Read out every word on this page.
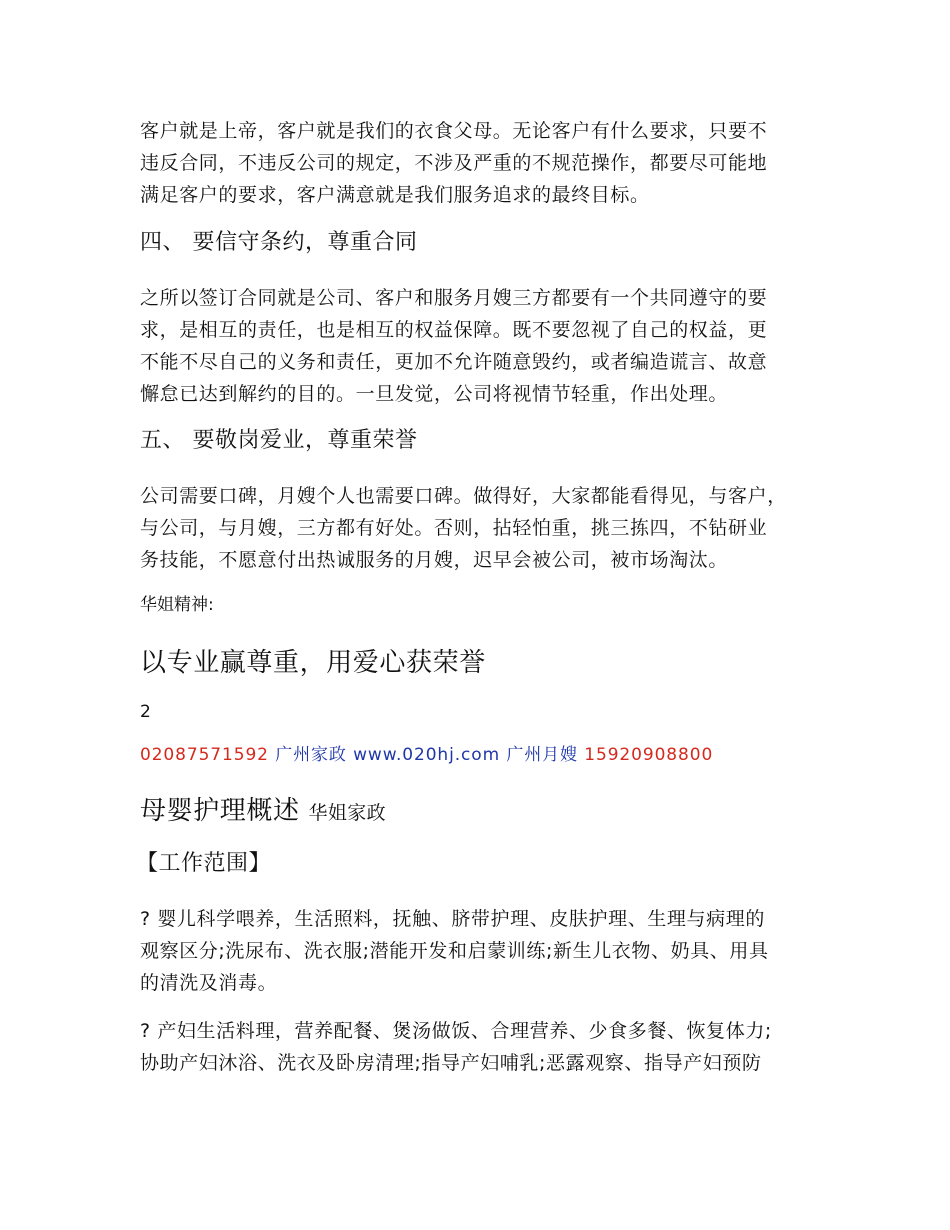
客户就是上帝，客户就是我们的衣食父母。无论客户有什么要求，只要不
违反合同，不违反公司的规定，不涉及严重的不规范操作，都要尽可能地
满足客户的要求，客户满意就是我们服务追求的最终目标。

四、 要信守条约，尊重合同

之所以签订合同就是公司、客户和服务月嫂三方都要有一个共同遵守的要
求，是相互的责任，也是相互的权益保障。既不要忽视了自己的权益，更
不能不尽自己的义务和责任，更加不允许随意毁约，或者编造谎言、故意
懈怠已达到解约的目的。一旦发觉，公司将视情节轻重，作出处理。

五、 要敬岗爱业，尊重荣誉

公司需要口碑，月嫂个人也需要口碑。做得好，大家都能看得见，与客户，
与公司，与月嫂，三方都有好处。否则，拈轻怕重，挑三拣四，不钻研业
务技能，不愿意付出热诚服务的月嫂，迟早会被公司，被市场淘汰。

华姐精神:

以专业赢尊重，用爱心获荣誉

2

02087571592 广州家政 www.020hj.com 广州月嫂 15920908800

母婴护理概述 华姐家政

【工作范围】

? 婴儿科学喂养，生活照料，抚触、脐带护理、皮肤护理、生理与病理的
观察区分;洗尿布、洗衣服;潜能开发和启蒙训练;新生儿衣物、奶具、用具
的清洗及消毒。

? 产妇生活料理，营养配餐、煲汤做饭、合理营养、少食多餐、恢复体力;
协助产妇沐浴、洗衣及卧房清理;指导产妇哺乳;恶露观察、指导产妇预防
